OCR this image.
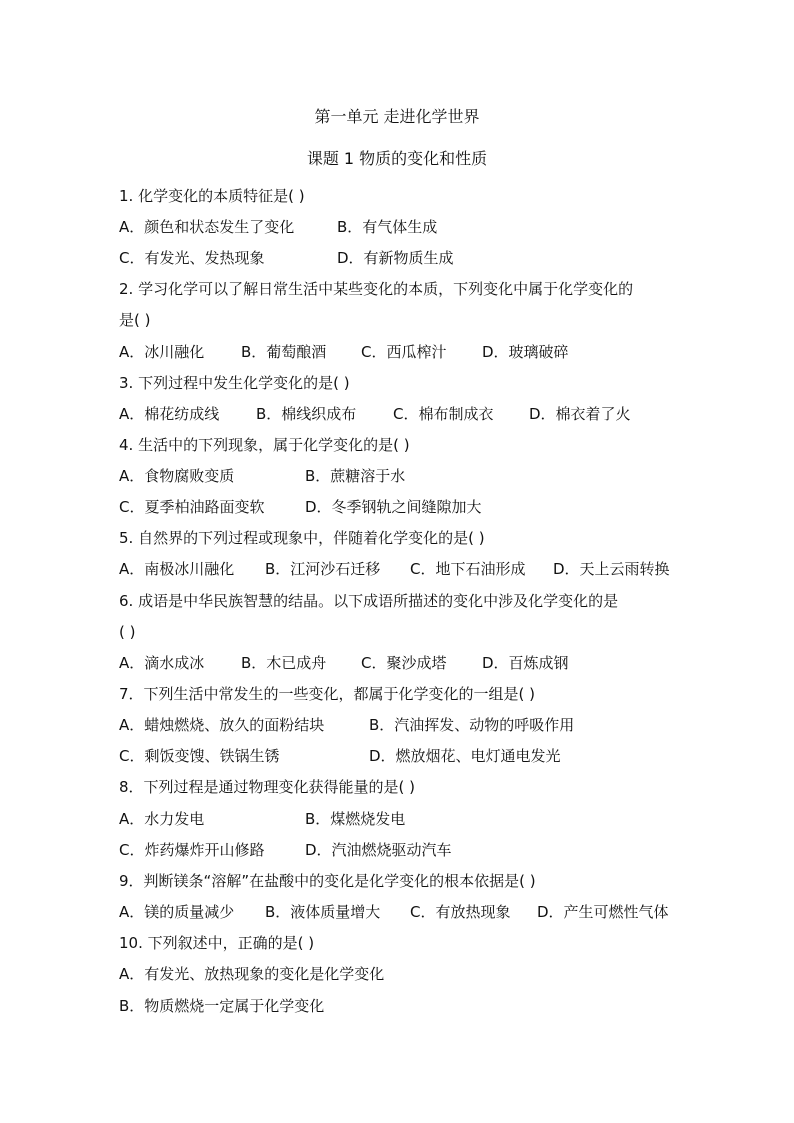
第一单元 走进化学世界
课题 1 物质的变化和性质
1. 化学变化的本质特征是( )
A．颜色和状态发生了变化	B．有气体生成
C．有发光、发热现象	D．有新物质生成
2. 学习化学可以了解日常生活中某些变化的本质，下列变化中属于化学变化的
是( )
A．冰川融化 B．葡萄酿酒 C．西瓜榨汁 D．玻璃破碎
3. 下列过程中发生化学变化的是( )
A．棉花纺成线 B．棉线织成布 C．棉布制成衣 D．棉衣着了火
4. 生活中的下列现象，属于化学变化的是( )
A．食物腐败变质	B．蔗糖溶于水
C．夏季柏油路面变软	D．冬季钢轨之间缝隙加大
5. 自然界的下列过程或现象中，伴随着化学变化的是( )
A．南极冰川融化 B．江河沙石迁移 C．地下石油形成 D．天上云雨转换
6. 成语是中华民族智慧的结晶。以下成语所描述的变化中涉及化学变化的是
( )
A．滴水成冰 B．木已成舟 C．聚沙成塔 D．百炼成钢
7．下列生活中常发生的一些变化，都属于化学变化的一组是( )
A．蜡烛燃烧、放久的面粉结块	B．汽油挥发、动物的呼吸作用
C．剩饭变馊、铁锅生锈	D．燃放烟花、电灯通电发光
8．下列过程是通过物理变化获得能量的是( )
A．水力发电	B．煤燃烧发电
C．炸药爆炸开山修路	D．汽油燃烧驱动汽车
9．判断镁条“溶解”在盐酸中的变化是化学变化的根本依据是( )
A．镁的质量减少 B．液体质量增大 C．有放热现象 D．产生可燃性气体
10. 下列叙述中，正确的是( )
A．有发光、放热现象的变化是化学变化
B．物质燃烧一定属于化学变化
